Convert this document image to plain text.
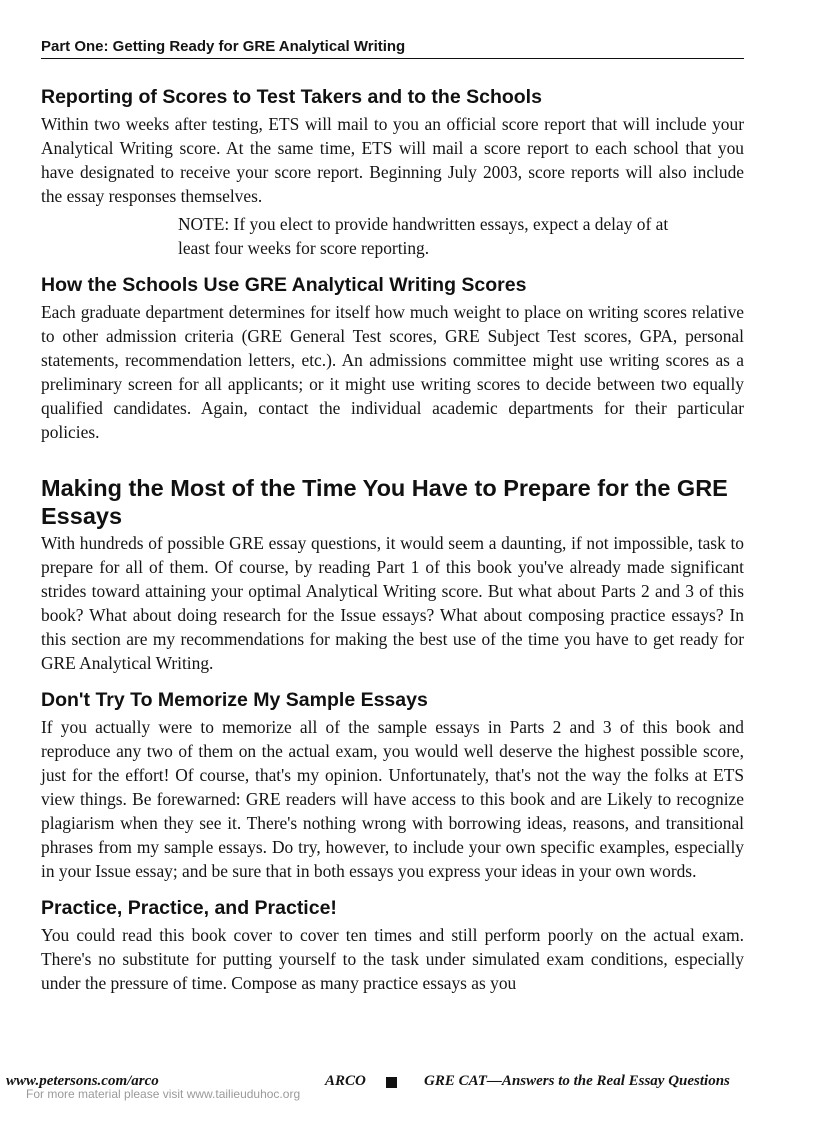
Part One: Getting Ready for GRE Analytical Writing
Reporting of Scores to Test Takers and to the Schools

Within two weeks after testing, ETS will mail to you an official score report that will include your Analytical Writing score. At the same time, ETS will mail a score report to each school that you have designated to receive your score report. Beginning July 2003, score reports will also include the essay responses themselves.

NOTE: If you elect to provide handwritten essays, expect a delay of at least four weeks for score reporting.

How the Schools Use GRE Analytical Writing Scores

Each graduate department determines for itself how much weight to place on writing scores relative to other admission criteria (GRE General Test scores, GRE Subject Test scores, GPA, personal statements, recommendation letters, etc.). An admissions committee might use writing scores as a preliminary screen for all applicants; or it might use writing scores to decide between two equally qualified candidates. Again, contact the individual academic departments for their particular policies.

Making the Most of the Time You Have to Prepare for the GRE Essays

With hundreds of possible GRE essay questions, it would seem a daunting, if not impossible, task to prepare for all of them. Of course, by reading Part 1 of this book you've already made significant strides toward attaining your optimal Analytical Writing score. But what about Parts 2 and 3 of this book? What about doing research for the Issue essays? What about composing practice essays? In this section are my recommendations for making the best use of the time you have to get ready for GRE Analytical Writing.

Don't Try To Memorize My Sample Essays

If you actually were to memorize all of the sample essays in Parts 2 and 3 of this book and reproduce any two of them on the actual exam, you would well deserve the highest possible score, just for the effort! Of course, that's my opinion. Unfortunately, that's not the way the folks at ETS view things. Be forewarned: GRE readers will have access to this book and are Likely to recognize plagiarism when they see it. There's nothing wrong with borrowing ideas, reasons, and transitional phrases from my sample essays. Do try, however, to include your own specific examples, especially in your Issue essay; and be sure that in both essays you express your ideas in your own words.

Practice, Practice, and Practice!

You could read this book cover to cover ten times and still perform poorly on the actual exam. There's no substitute for putting yourself to the task under simulated exam conditions, especially under the pressure of time. Compose as many practice essays as you

www.petersons.com/arco	ARCO	GRE CAT—Answers to the Real Essay Questions
For more material please visit www.tailieuduhoc.org
